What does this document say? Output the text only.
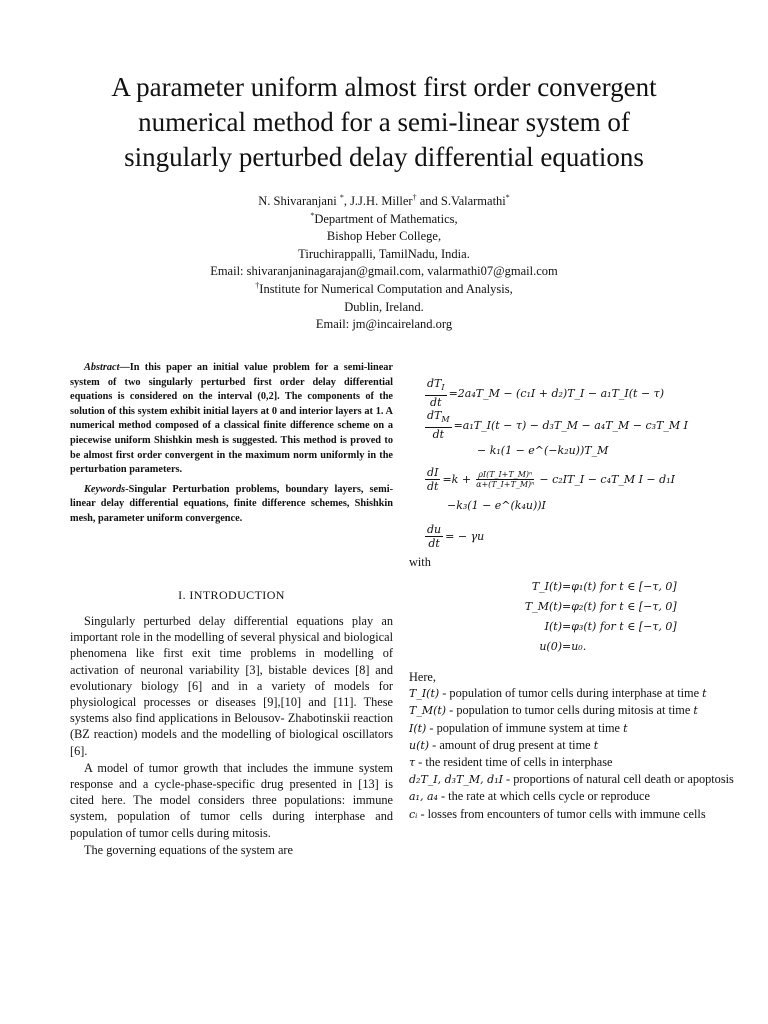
A parameter uniform almost first order convergent
numerical method for a semi-linear system of
singularly perturbed delay differential equations
N. Shivaranjani *, J.J.H. Miller† and S.Valarmathi*
*Department of Mathematics,
Bishop Heber College,
Tiruchirappalli, TamilNadu, India.
Email: shivaranjaninagarajan@gmail.com, valarmathi07@gmail.com
†Institute for Numerical Computation and Analysis,
Dublin, Ireland.
Email: jm@incaireland.org

Abstract—In this paper an initial value problem for a semi-linear system of two singularly perturbed first order delay differential equations is considered on the interval (0,2]. The components of the solution of this system exhibit initial layers at 0 and interior layers at 1. A numerical method composed of a classical finite difference scheme on a piecewise uniform Shishkin mesh is suggested. This method is proved to be almost first order convergent in the maximum norm uniformly in the perturbation parameters.

Keywords-Singular Perturbation problems, boundary layers, semi-linear delay differential equations, finite difference schemes, Shishkin mesh, parameter uniform convergence.

I. INTRODUCTION

Singularly perturbed delay differential equations play an important role in the modelling of several physical and biological phenomena like first exit time problems in modelling of activation of neuronal variability [3], bistable devices [8] and evolutionary biology [6] and in a variety of models for physiological processes or diseases [9],[10] and [11]. These systems also find applications in Belousov- Zhabotinskii reaction (BZ reaction) models and the modelling of biological oscillators [6].

A model of tumor growth that includes the immune system response and a cycle-phase-specific drug presented in [13] is cited here. The model considers three populations: immune system, population of tumor cells during interphase and population of tumor cells during mitosis.

The governing equations of the system are

$\frac{dT_I}{dt}$ =2a₄T_M − (c₁I + d₂)T_I − a₁T_I(t − τ)
$\frac{dT_M}{dt}$ =a₁T_I(t − τ) − d₃T_M − a₄T_M − c₃T_M I
− k₁(1 − e^(−k₂u))T_M
$\frac{dI}{dt} =k + \frac{\text{ρI(T\_I+T\_M)ⁿ}}{\text{α+(T\_I+T\_M)ⁿ}}$ − c₂IT_I − c₄T_M I − d₁I
−k₃(1 − e^(k₄u))I
$\frac{du}{dt}$ = − γu
with
T_I(t) =φ₁(t) for t ∈ [−τ, 0]
T_M(t) =φ₂(t) for t ∈ [−τ, 0]
I(t) =φ₃(t) for t ∈ [−τ, 0]
u(0) =u₀.
Here,
T_I(t) - population of tumor cells during interphase at time t
T_M(t) - population to tumor cells during mitosis at time t
I(t) - population of immune system at time t
u(t) - amount of drug present at time t
τ - the resident time of cells in interphase
d₂T_I, d₃T_M, d₁I - proportions of natural cell death or apoptosis
a₁, a₄ - the rate at which cells cycle or reproduce
cᵢ - losses from encounters of tumor cells with immune cells
